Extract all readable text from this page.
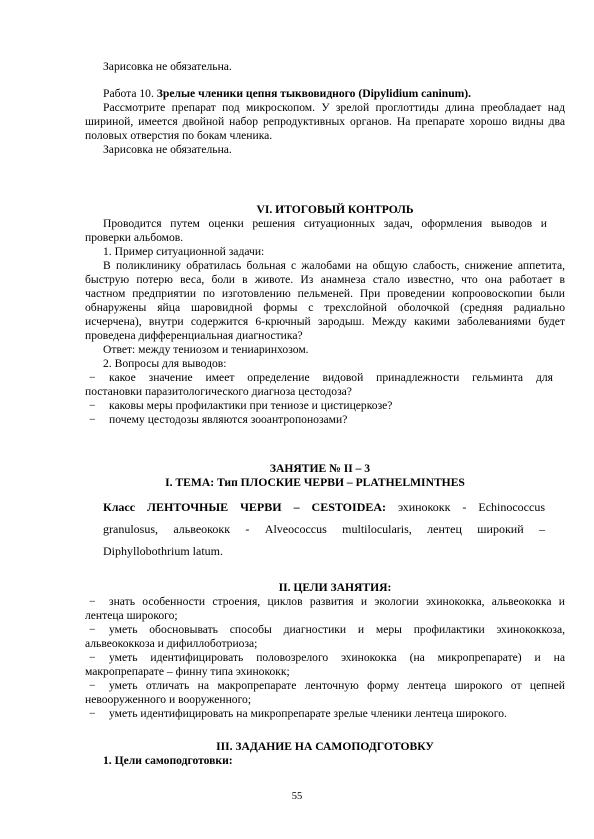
Зарисовка не обязательна.

Работа 10. Зрелые членики цепня тыквовидного (Dipylidium caninum).

Рассмотрите препарат под микроскопом. У зрелой проглоттиды длина преобладает над

шириной, имеется двойной набор репродуктивных органов. На препарате хорошо видны два

половых отверстия по бокам членика.

Зарисовка не обязательна.

VI. ИТОГОВЫЙ КОНТРОЛЬ

Проводится путем оценки решения ситуационных задач, оформления выводов и

проверки альбомов.

1. Пример ситуационной задачи:

В поликлинику обратилась больная с жалобами на общую слабость, снижение аппетита,

быструю потерю веса, боли в животе. Из анамнеза стало известно, что она работает в

частном предприятии по изготовлению пельменей. При проведении копроовоскопии были

обнаружены яйца шаровидной формы с трехслойной оболочкой (средняя радиально

исчерчена), внутри содержится 6-крючный зародыш. Между какими заболеваниями будет

проведена дифференциальная диагностика?

Ответ: между тениозом и тениаринхозом.

2. Вопросы для выводов:

− какое значение имеет определение видовой принадлежности гельминта для

постановки паразитологического диагноза цестодоза?

− каковы меры профилактики при тениозе и цистицеркозе?

− почему цестодозы являются зооантропонозами?

ЗАНЯТИЕ № II – 3

I. ТЕМА: Тип ПЛОСКИЕ ЧЕРВИ – PLATHELMINTHES

Класс ЛЕНТОЧНЫЕ ЧЕРВИ – CESTOIDEA: эхинококк - Echinococcus

granulosus, альвеококк - Alveococcus multilocularis, лентец широкий –

Diphyllobothrium latum.

II. ЦЕЛИ ЗАНЯТИЯ:

− знать особенности строения, циклов развития и экологии эхинококка, альвеококка и

лентеца широкого;

− уметь обосновывать способы диагностики и меры профилактики эхинококкоза,

альвеококкоза и дифиллоботриоза;

− уметь идентифицировать половозрелого эхинококка (на микропрепарате) и на

макропрепарате – финну типа эхинококк;

− уметь отличать на макропрепарате ленточную форму лентеца широкого от цепней

невооруженного и вооруженного;

− уметь идентифицировать на микропрепарате зрелые членики лентеца широкого.

III. ЗАДАНИЕ НА САМОПОДГОТОВКУ

1. Цели самоподготовки:

55
